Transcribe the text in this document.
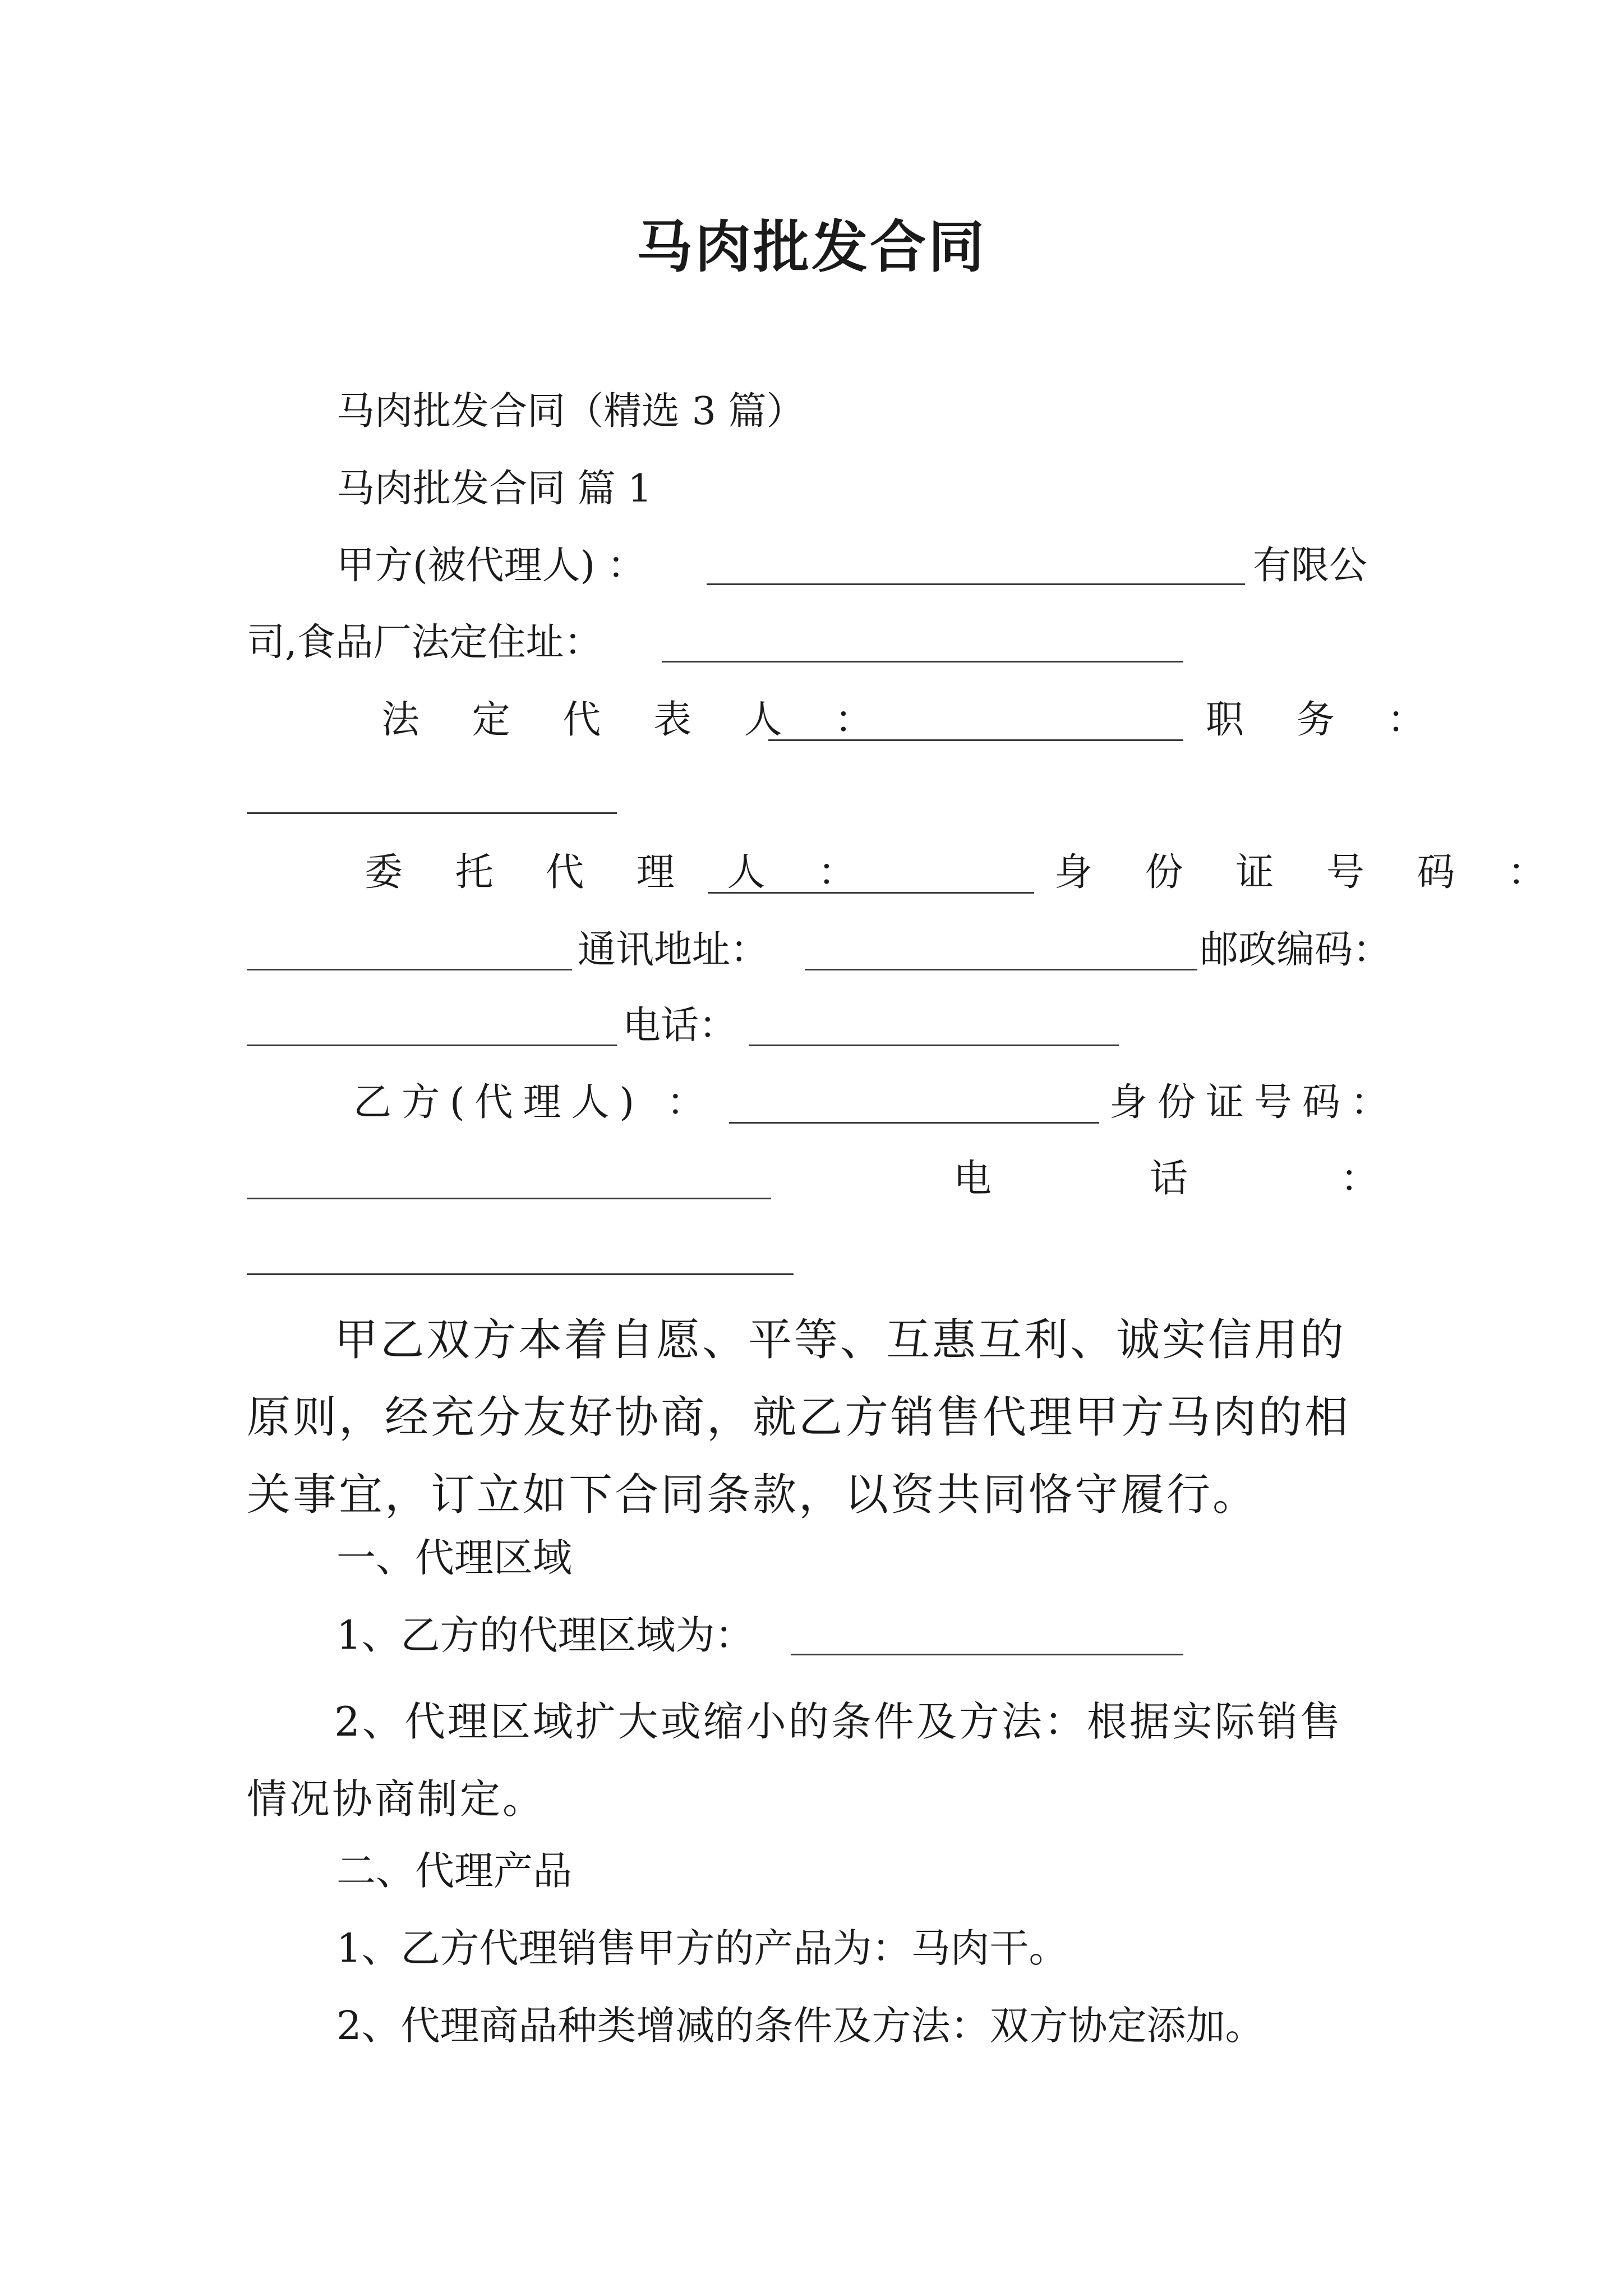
马肉批发合同
马肉批发合同（精选 3 篇）
马肉批发合同 篇 1
甲方(被代理人) ：	有限公
司,食品厂法定住址：
法 定 代 表 人 ：	职 务 ：
委 托 代 理 人 ：	身 份 证 号 码 ：
通讯地址：	邮政编码：
电话：
乙方(代理人) ：	身份证号码：
电	话	：
甲乙双方本着自愿、平等、互惠互利、诚实信用的原则，经充分友好协商，就乙方销售代理甲方马肉的相关事宜，订立如下合同条款，以资共同恪守履行。
一、代理区域
1、乙方的代理区域为：
2、代理区域扩大或缩小的条件及方法：根据实际销售情况协商制定。
二、代理产品
1、乙方代理销售甲方的产品为：马肉干。
2、代理商品种类增减的条件及方法：双方协定添加。
